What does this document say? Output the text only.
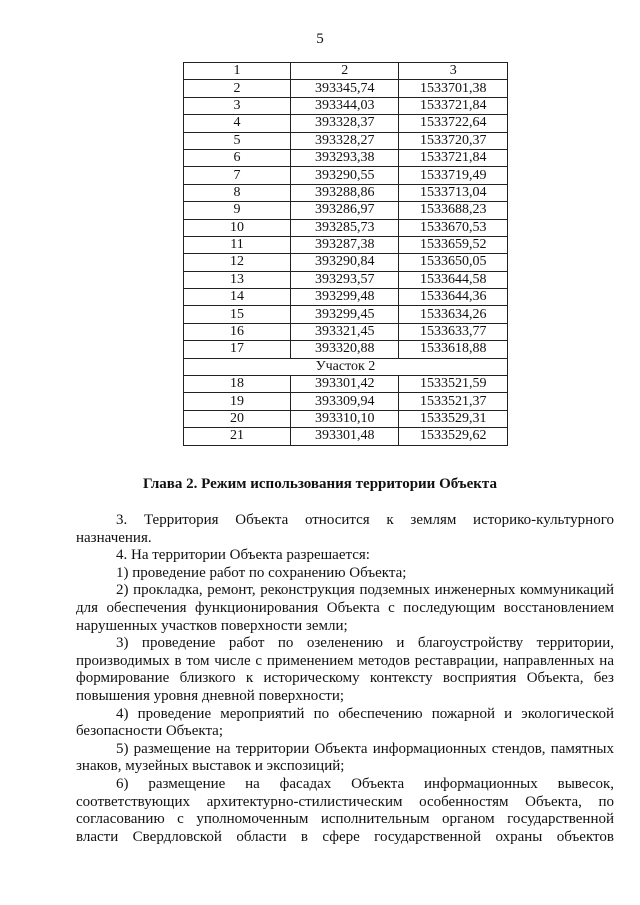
5
1	2	3
2	393345,74	1533701,38
3	393344,03	1533721,84
4	393328,37	1533722,64
5	393328,27	1533720,37
6	393293,38	1533721,84
7	393290,55	1533719,49
8	393288,86	1533713,04
9	393286,97	1533688,23
10	393285,73	1533670,53
11	393287,38	1533659,52
12	393290,84	1533650,05
13	393293,57	1533644,58
14	393299,48	1533644,36
15	393299,45	1533634,26
16	393321,45	1533633,77
17	393320,88	1533618,88
Участок 2		
18	393301,42	1533521,59
19	393309,94	1533521,37
20	393310,10	1533529,31
21	393301,48	1533529,62
Глава 2. Режим использования территории Объекта

3. Территория Объекта относится к землям историко-культурного назначения.

4. На территории Объекта разрешается:

1) проведение работ по сохранению Объекта;

2) прокладка, ремонт, реконструкция подземных инженерных коммуникаций для обеспечения функционирования Объекта с последующим восстановлением нарушенных участков поверхности земли;

3) проведение работ по озеленению и благоустройству территории, производимых в том числе с применением методов реставрации, направленных на формирование близкого к историческому контексту восприятия Объекта, без повышения уровня дневной поверхности;

4) проведение мероприятий по обеспечению пожарной и экологической безопасности Объекта;

5) размещение на территории Объекта информационных стендов, памятных знаков, музейных выставок и экспозиций;

6) размещение на фасадах Объекта информационных вывесок, соответствующих архитектурно-стилистическим особенностям Объекта, по согласованию с уполномоченным исполнительным органом государственной власти Свердловской области в сфере государственной охраны объектов
